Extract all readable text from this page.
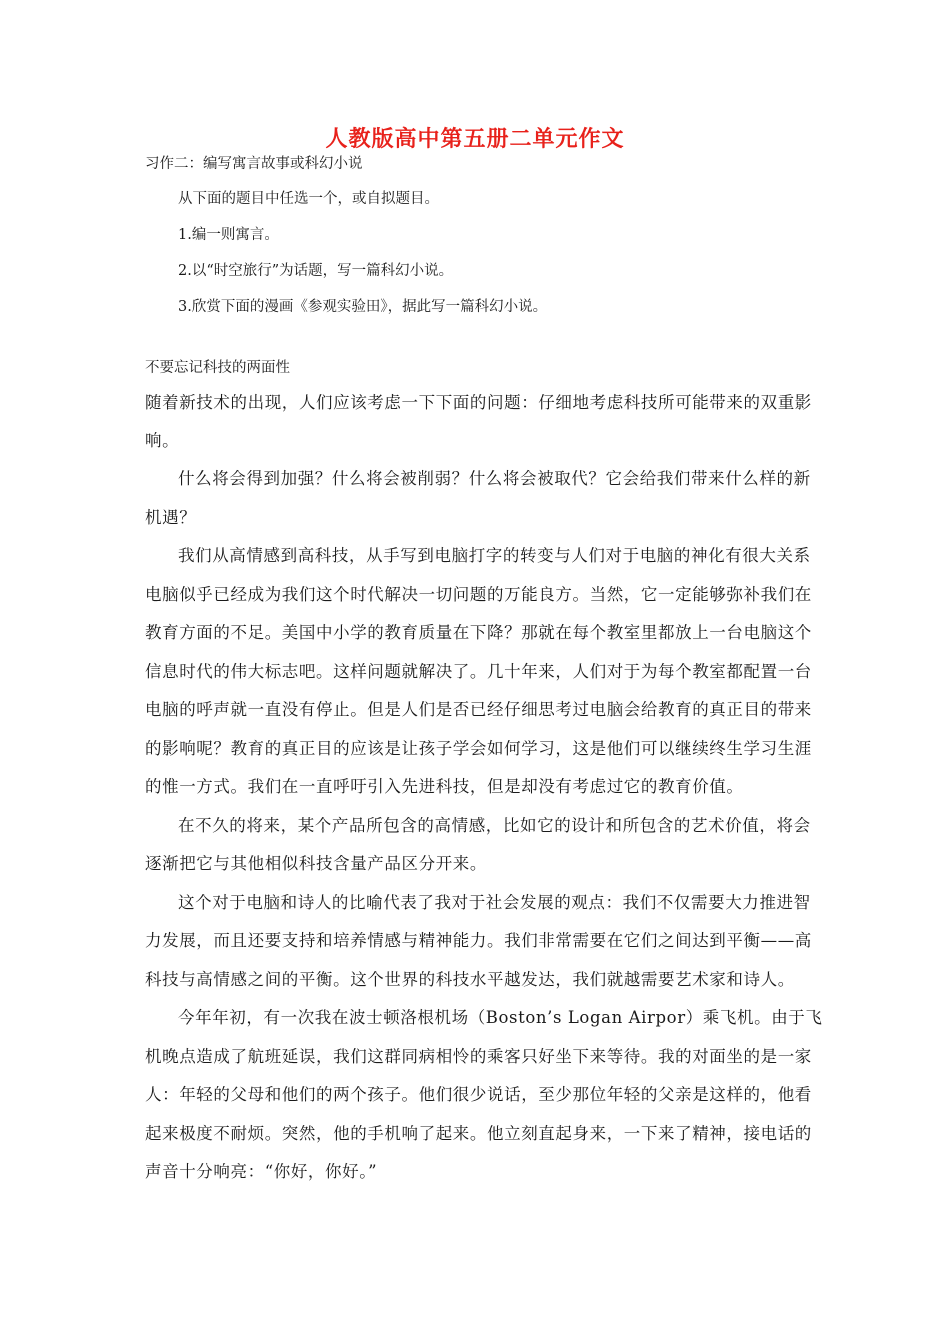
人教版高中第五册二单元作文

习作二：编写寓言故事或科幻小说

从下面的题目中任选一个，或自拟题目。

1.编一则寓言。

2.以“时空旅行”为话题，写一篇科幻小说。

3.欣赏下面的漫画《参观实验田》，据此写一篇科幻小说。

不要忘记科技的两面性

随着新技术的出现，人们应该考虑一下下面的问题：仔细地考虑科技所可能带来的双重影

响。

什么将会得到加强？什么将会被削弱？什么将会被取代？它会给我们带来什么样的新

机遇？

我们从高情感到高科技，从手写到电脑打字的转变与人们对于电脑的神化有很大关系

电脑似乎已经成为我们这个时代解决一切问题的万能良方。当然，它一定能够弥补我们在

教育方面的不足。美国中小学的教育质量在下降？那就在每个教室里都放上一台电脑这个

信息时代的伟大标志吧。这样问题就解决了。几十年来，人们对于为每个教室都配置一台

电脑的呼声就一直没有停止。但是人们是否已经仔细思考过电脑会给教育的真正目的带来

的影响呢？教育的真正目的应该是让孩子学会如何学习，这是他们可以继续终生学习生涯

的惟一方式。我们在一直呼吁引入先进科技，但是却没有考虑过它的教育价值。

在不久的将来，某个产品所包含的高情感，比如它的设计和所包含的艺术价值，将会

逐渐把它与其他相似科技含量产品区分开来。

这个对于电脑和诗人的比喻代表了我对于社会发展的观点：我们不仅需要大力推进智

力发展，而且还要支持和培养情感与精神能力。我们非常需要在它们之间达到平衡——高

科技与高情感之间的平衡。这个世界的科技水平越发达，我们就越需要艺术家和诗人。

今年年初，有一次我在波士顿洛根机场（Boston’s Logan Airpor）乘飞机。由于飞

机晚点造成了航班延误，我们这群同病相怜的乘客只好坐下来等待。我的对面坐的是一家

人：年轻的父母和他们的两个孩子。他们很少说话，至少那位年轻的父亲是这样的，他看

起来极度不耐烦。突然，他的手机响了起来。他立刻直起身来，一下来了精神，接电话的

声音十分响亮：“你好，你好。”
